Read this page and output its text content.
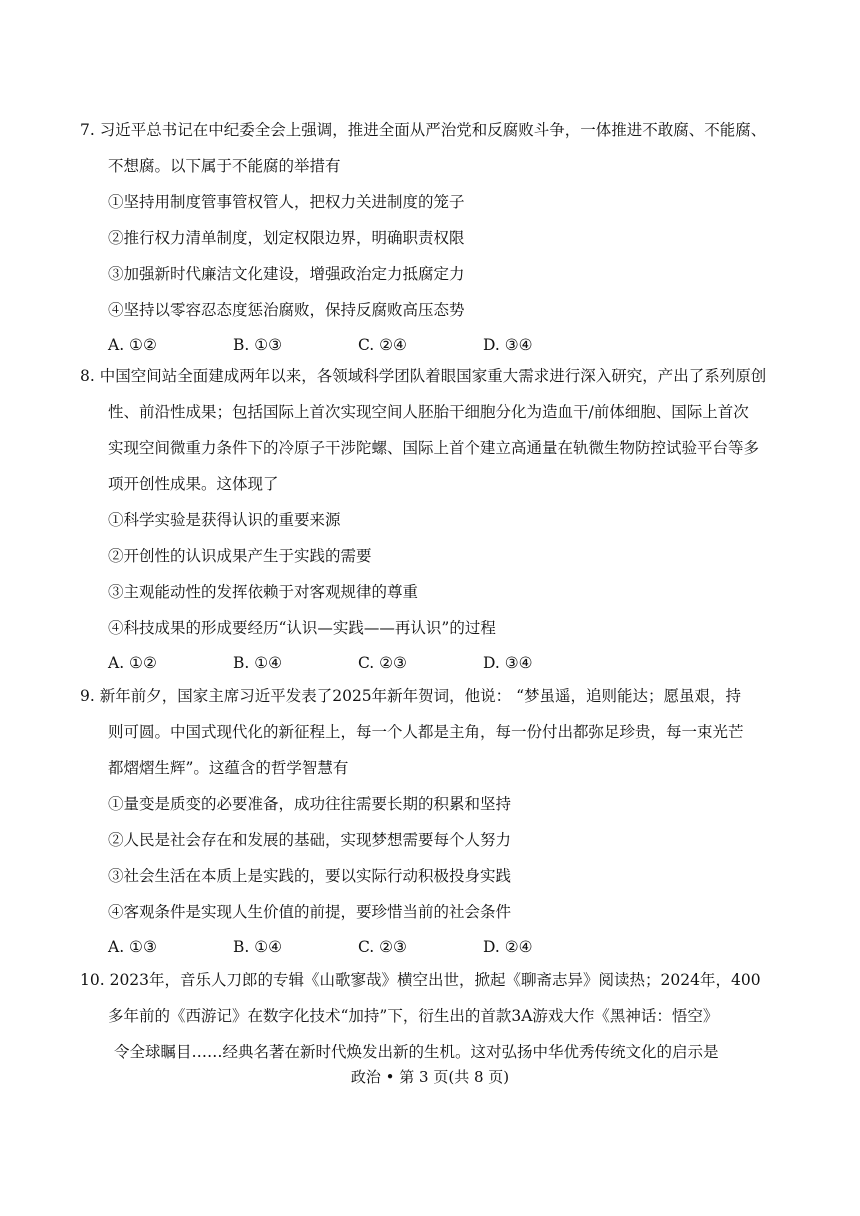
7. 习近平总书记在中纪委全会上强调，推进全面从严治党和反腐败斗争，一体推进不敢腐、不能腐、
不想腐。以下属于不能腐的举措有
①坚持用制度管事管权管人，把权力关进制度的笼子
②推行权力清单制度，划定权限边界，明确职责权限
③加强新时代廉洁文化建设，增强政治定力抵腐定力
④坚持以零容忍态度惩治腐败，保持反腐败高压态势
A. ①②	B. ①③	C. ②④	D. ③④
8. 中国空间站全面建成两年以来，各领域科学团队着眼国家重大需求进行深入研究，产出了系列原创
性、前沿性成果；包括国际上首次实现空间人胚胎干细胞分化为造血干/前体细胞、国际上首次
实现空间微重力条件下的冷原子干涉陀螺、国际上首个建立高通量在轨微生物防控试验平台等多
项开创性成果。这体现了
①科学实验是获得认识的重要来源
②开创性的认识成果产生于实践的需要
③主观能动性的发挥依赖于对客观规律的尊重
④科技成果的形成要经历“认识—实践——再认识”的过程
A. ①②	B. ①④	C. ②③	D. ③④
9. 新年前夕，国家主席习近平发表了2025年新年贺词，他说： “梦虽遥，追则能达；愿虽艰，持
则可圆。中国式现代化的新征程上，每一个人都是主角，每一份付出都弥足珍贵，每一束光芒
都熠熠生辉”。这蕴含的哲学智慧有
①量变是质变的必要准备，成功往往需要长期的积累和坚持
②人民是社会存在和发展的基础，实现梦想需要每个人努力
③社会生活在本质上是实践的，要以实际行动积极投身实践
④客观条件是实现人生价值的前提，要珍惜当前的社会条件
A. ①③	B. ①④	C. ②③	D. ②④
10. 2023年，音乐人刀郎的专辑《山歌寥哉》横空出世，掀起《聊斋志异》阅读热；2024年，400
多年前的《西游记》在数字化技术“加持”下，衍生出的首款3A游戏大作《黑神话：悟空》
令全球瞩目……经典名著在新时代焕发出新的生机。这对弘扬中华优秀传统文化的启示是
政治 • 第 3 页(共 8 页)
